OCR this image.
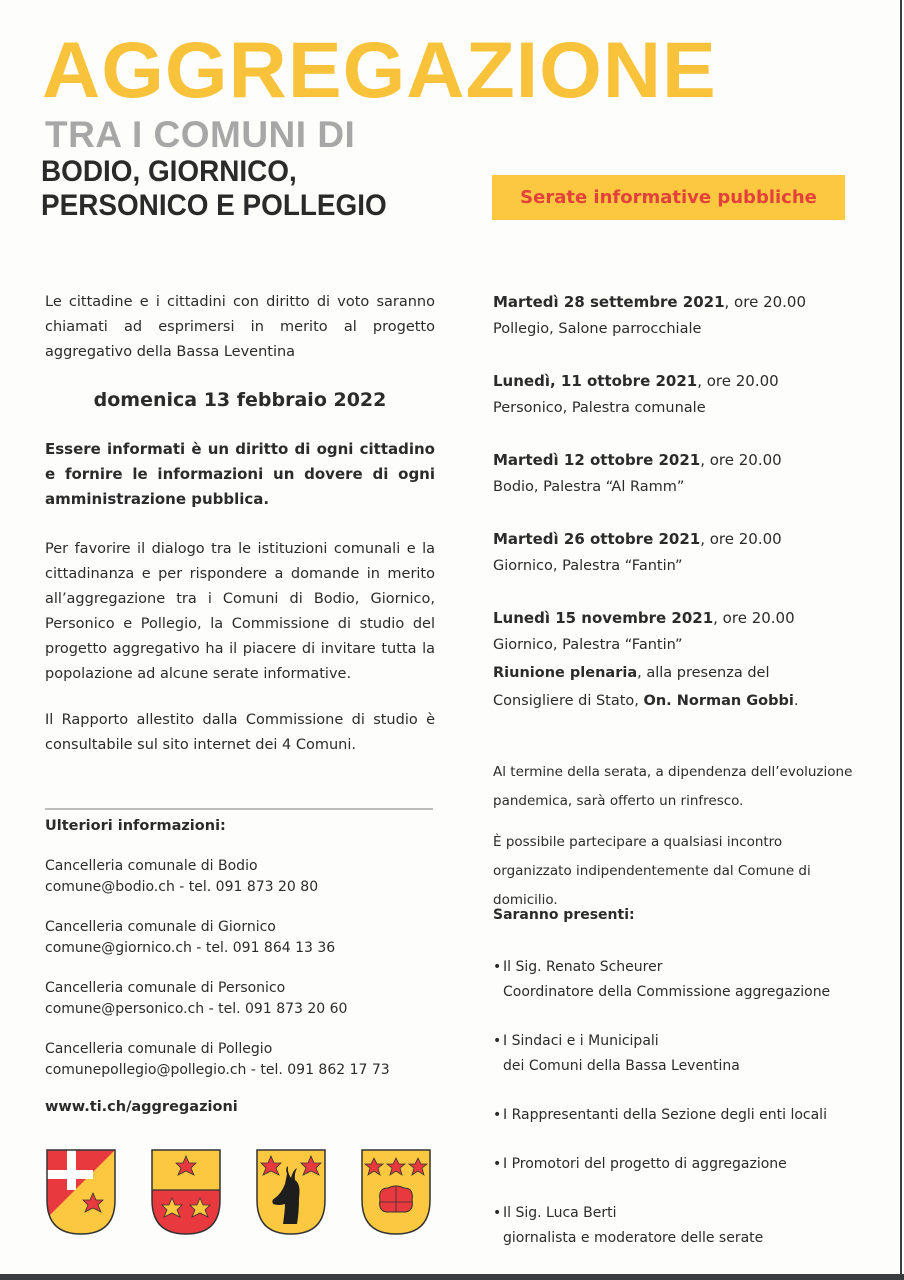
AGGREGAZIONE
TRA I COMUNI DI
BODIO, GIORNICO,
PERSONICO E POLLEGIO	Serate informative pubbliche
Le cittadine e i cittadini con diritto di voto saranno chiamati ad esprimersi in merito al progetto aggregativo della Bassa Leventina
domenica 13 febbraio 2022
Essere informati è un diritto di ogni cittadino e fornire le informazioni un dovere di ogni amministrazione pubblica.
Per favorire il dialogo tra le istituzioni comunali e la cittadinanza e per rispondere a domande in merito all’aggregazione tra i Comuni di Bodio, Giornico, Personico e Pollegio, la Commissione di studio del progetto aggregativo ha il piacere di invitare tutta la popolazione ad alcune serate informative.
Il Rapporto allestito dalla Commissione di studio è consultabile sul sito internet dei 4 Comuni.
Ulteriori informazioni:
Cancelleria comunale di Bodio
comune@bodio.ch - tel. 091 873 20 80
Cancelleria comunale di Giornico
comune@giornico.ch - tel. 091 864 13 36
Cancelleria comunale di Personico
comune@personico.ch - tel. 091 873 20 60
Cancelleria comunale di Pollegio
comunepollegio@pollegio.ch - tel. 091 862 17 73
www.ti.ch/aggregazioni
Martedì 28 settembre 2021, ore 20.00
Pollegio, Salone parrocchiale
Lunedì, 11 ottobre 2021, ore 20.00
Personico, Palestra comunale
Martedì 12 ottobre 2021, ore 20.00
Bodio, Palestra “Al Ramm”
Martedì 26 ottobre 2021, ore 20.00
Giornico, Palestra “Fantin”
Lunedì 15 novembre 2021, ore 20.00
Giornico, Palestra “Fantin”
Riunione plenaria, alla presenza del
Consigliere di Stato, On. Norman Gobbi.

Al termine della serata, a dipendenza dell’evoluzione pandemica, sarà offerto un rinfresco.

È possibile partecipare a qualsiasi incontro organizzato indipendentemente dal Comune di domicilio.

Saranno presenti:
• Il Sig. Renato Scheurer
Coordinatore della Commissione aggregazione
• I Sindaci e i Municipali
dei Comuni della Bassa Leventina
• I Rappresentanti della Sezione degli enti locali
• I Promotori del progetto di aggregazione
• Il Sig. Luca Berti
giornalista e moderatore delle serate
